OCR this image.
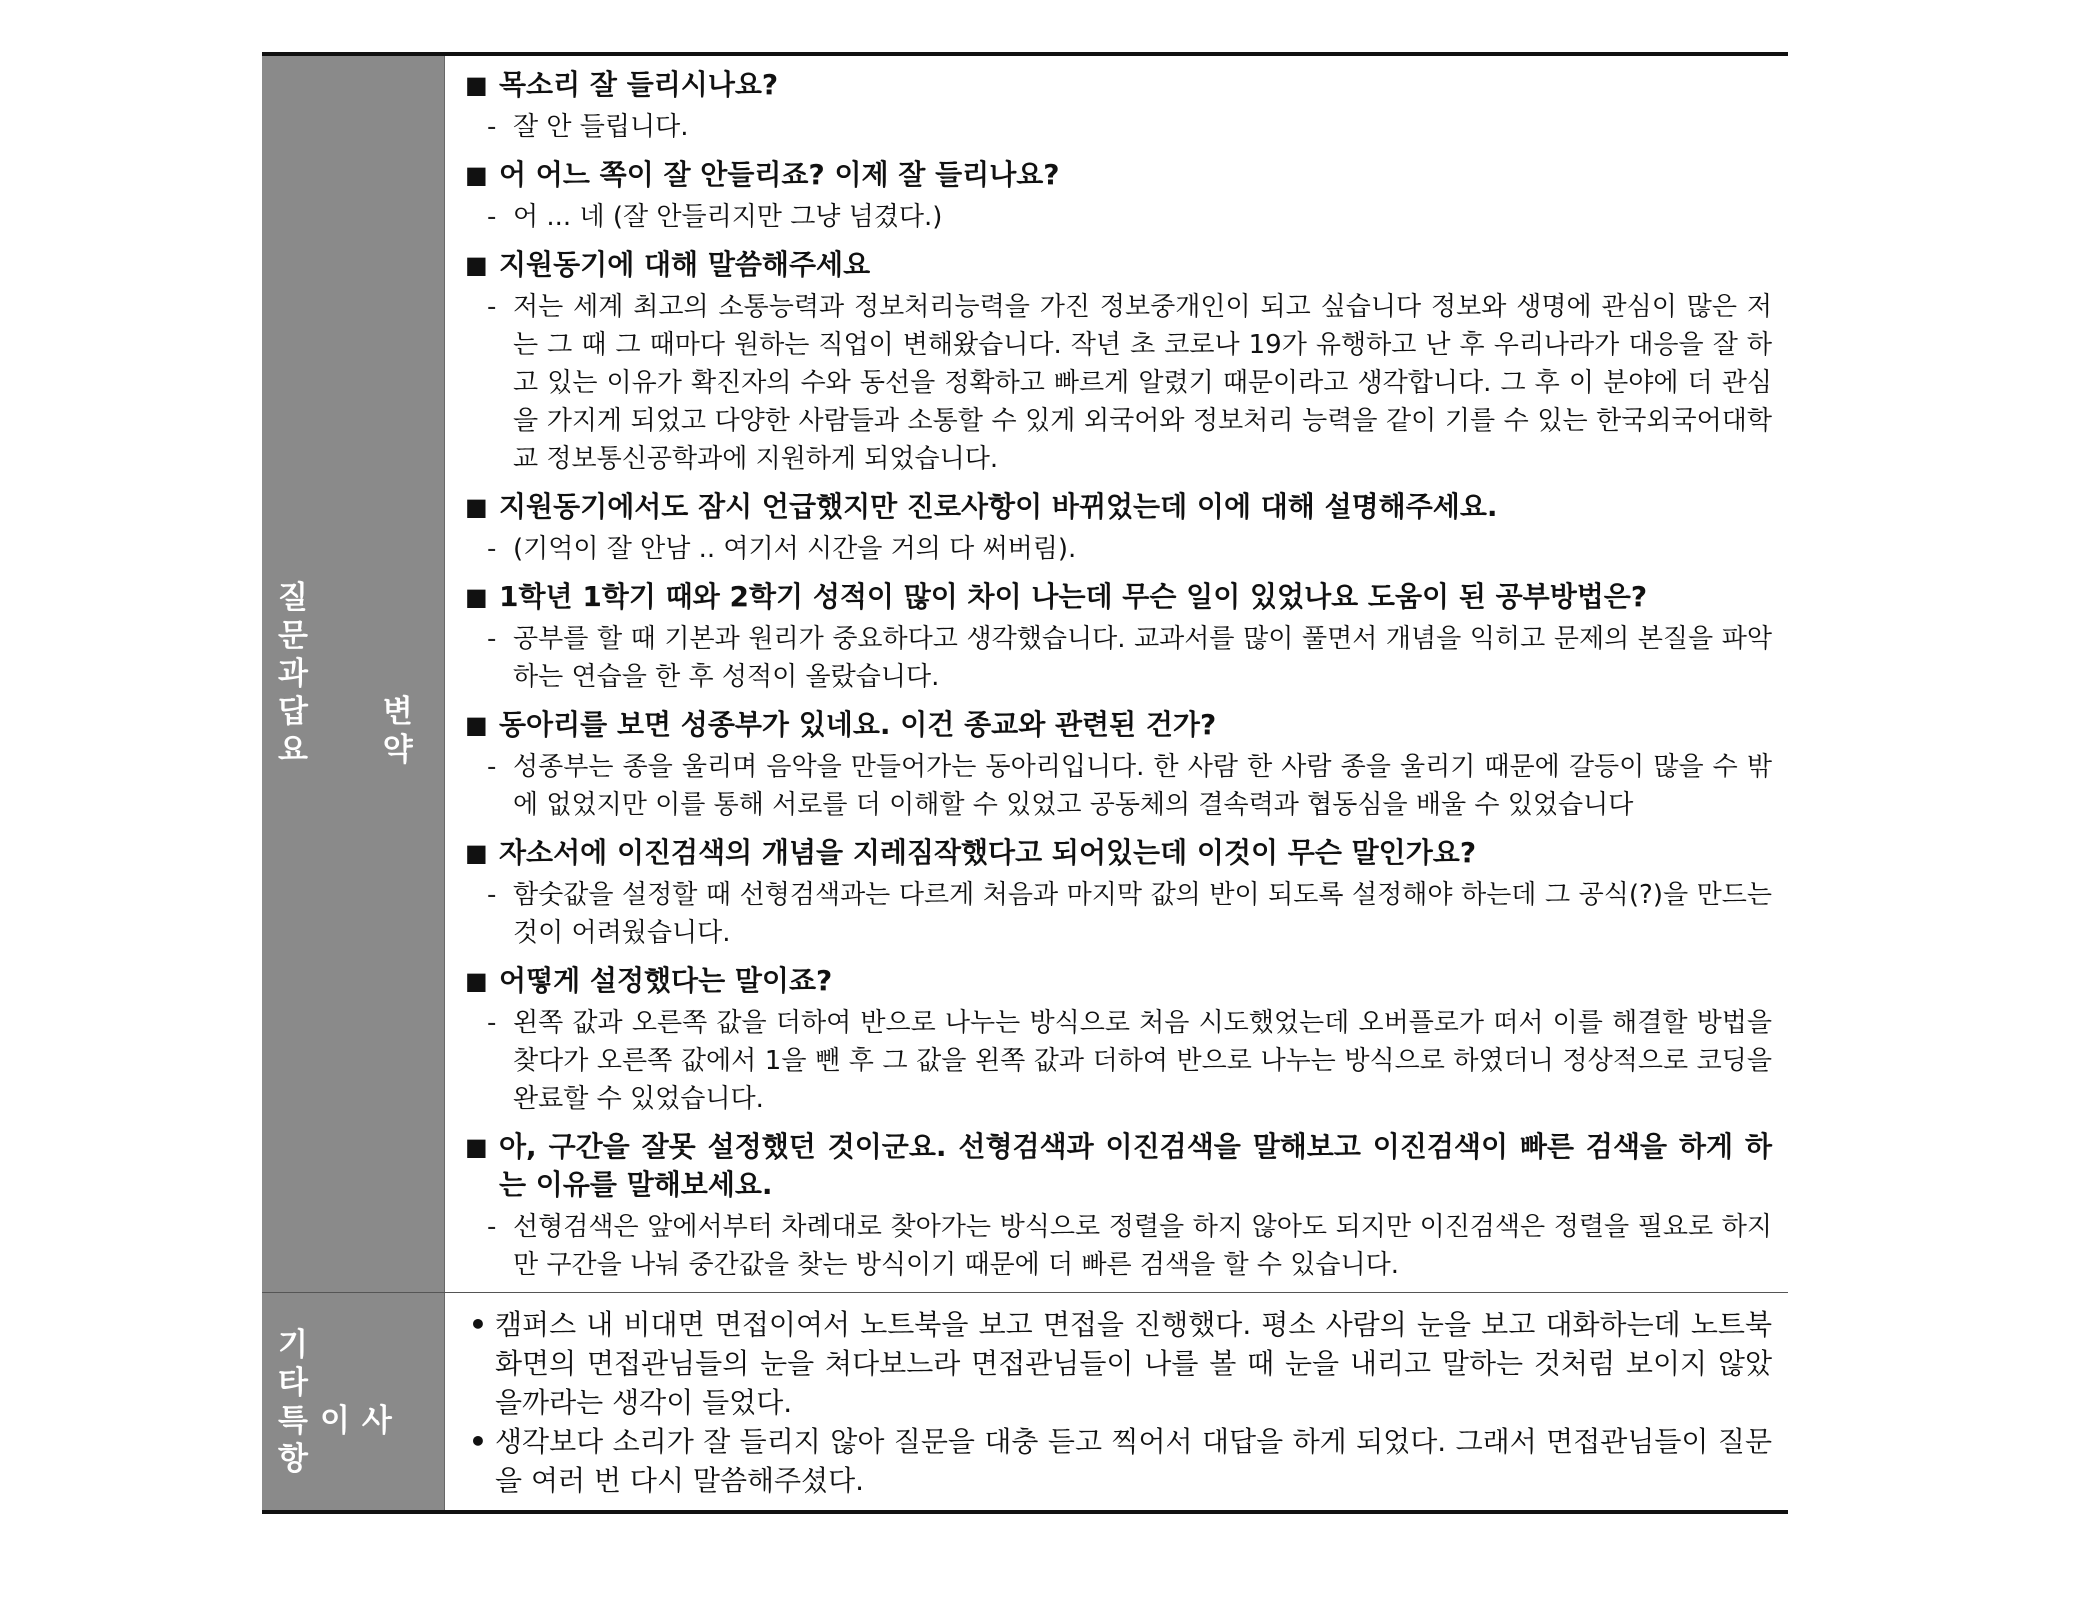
질 문 과
답 변
요 약
■ 목소리 잘 들리시나요?
- 잘 안 들립니다.
■ 어 어느 쪽이 잘 안들리죠? 이제 잘 들리나요?
- 어 ... 네 (잘 안들리지만 그냥 넘겼다.)
■ 지원동기에 대해 말씀해주세요
- 저는 세계 최고의 소통능력과 정보처리능력을 가진 정보중개인이 되고 싶습니다 정보와 생명에 관심이 많은 저는 그 때 그 때마다 원하는 직업이 변해왔습니다. 작년 초 코로나 19가 유행하고 난 후 우리나라가 대응을 잘 하고 있는 이유가 확진자의 수와 동선을 정확하고 빠르게 알렸기 때문이라고 생각합니다. 그 후 이 분야에 더 관심을 가지게 되었고 다양한 사람들과 소통할 수 있게 외국어와 정보처리 능력을 같이 기를 수 있는 한국외국어대학교 정보통신공학과에 지원하게 되었습니다.
■ 지원동기에서도 잠시 언급했지만 진로사항이 바뀌었는데 이에 대해 설명해주세요.
- (기억이 잘 안남 .. 여기서 시간을 거의 다 써버림).
■ 1학년 1학기 때와 2학기 성적이 많이 차이 나는데 무슨 일이 있었나요 도움이 된 공부방법은?
- 공부를 할 때 기본과 원리가 중요하다고 생각했습니다. 교과서를 많이 풀면서 개념을 익히고 문제의 본질을 파악하는 연습을 한 후 성적이 올랐습니다.
■ 동아리를 보면 성종부가 있네요. 이건 종교와 관련된 건가?
- 성종부는 종을 울리며 음악을 만들어가는 동아리입니다. 한 사람 한 사람 종을 울리기 때문에 갈등이 많을 수 밖에 없었지만 이를 통해 서로를 더 이해할 수 있었고 공동체의 결속력과 협동심을 배울 수 있었습니다
■ 자소서에 이진검색의 개념을 지레짐작했다고 되어있는데 이것이 무슨 말인가요?
- 함숫값을 설정할 때 선형검색과는 다르게 처음과 마지막 값의 반이 되도록 설정해야 하는데 그 공식(?)을 만드는 것이 어려웠습니다.
■ 어떻게 설정했다는 말이죠?
- 왼쪽 값과 오른쪽 값을 더하여 반으로 나누는 방식으로 처음 시도했었는데 오버플로가 떠서 이를 해결할 방법을 찾다가 오른쪽 값에서 1을 뺀 후 그 값을 왼쪽 값과 더하여 반으로 나누는 방식으로 하였더니 정상적으로 코딩을 완료할 수 있었습니다.
■ 아, 구간을 잘못 설정했던 것이군요. 선형검색과 이진검색을 말해보고 이진검색이 빠른 검색을 하게 하는 이유를 말해보세요.
- 선형검색은 앞에서부터 차례대로 찾아가는 방식으로 정렬을 하지 않아도 되지만 이진검색은 정렬을 필요로 하지만 구간을 나눠 중간값을 찾는 방식이기 때문에 더 빠른 검색을 할 수 있습니다.
기 타
특이사항
• 캠퍼스 내 비대면 면접이여서 노트북을 보고 면접을 진행했다. 평소 사람의 눈을 보고 대화하는데 노트북 화면의 면접관님들의 눈을 쳐다보느라 면접관님들이 나를 볼 때 눈을 내리고 말하는 것처럼 보이지 않았을까라는 생각이 들었다.
• 생각보다 소리가 잘 들리지 않아 질문을 대충 듣고 찍어서 대답을 하게 되었다. 그래서 면접관님들이 질문을 여러 번 다시 말씀해주셨다.
